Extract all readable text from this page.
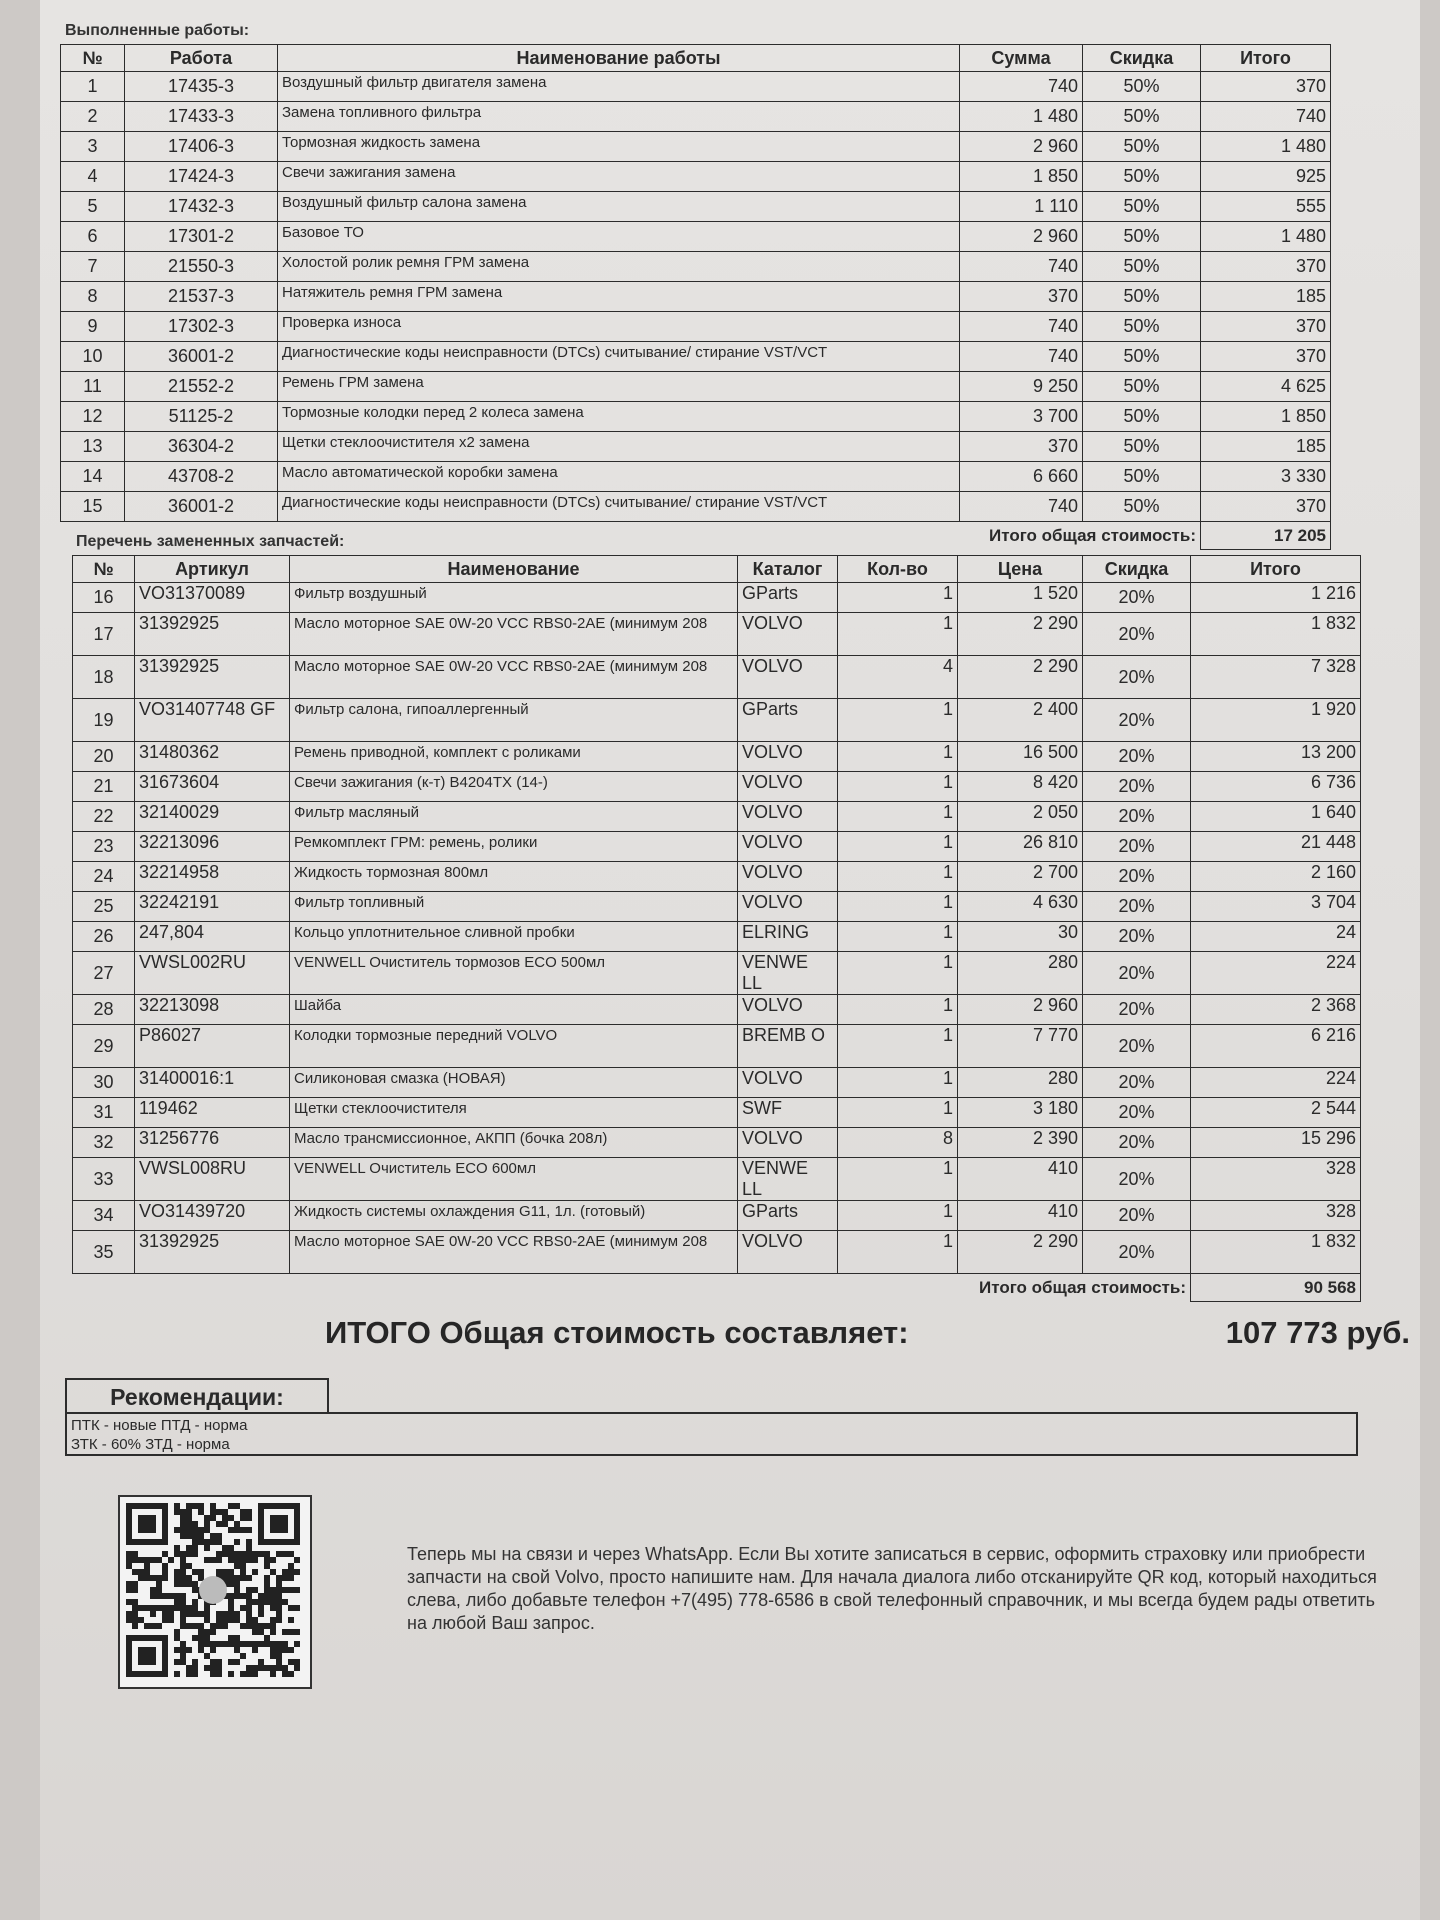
Выполненные работы:
№	Работа	Наименование работы	Сумма	Скидка	Итого
1	17435-3	Воздушный фильтр двигателя замена	740	50%	370
2	17433-3	Замена топливного фильтра	1 480	50%	740
3	17406-3	Тормозная жидкость замена	2 960	50%	1 480
4	17424-3	Свечи зажигания замена	1 850	50%	925
5	17432-3	Воздушный фильтр салона замена	1 110	50%	555
6	17301-2	Базовое ТО	2 960	50%	1 480
7	21550-3	Холостой ролик ремня ГРМ замена	740	50%	370
8	21537-3	Натяжитель ремня ГРМ замена	370	50%	185
9	17302-3	Проверка износа	740	50%	370
10	36001-2	Диагностические коды неисправности (DTCs) считывание/ стирание VST/VCT	740	50%	370
11	21552-2	Ремень ГРМ замена	9 250	50%	4 625
12	51125-2	Тормозные колодки перед 2 колеса замена	3 700	50%	1 850
13	36304-2	Щетки стеклоочистителя x2 замена	370	50%	185
14	43708-2	Масло автоматической коробки замена	6 660	50%	3 330
15	36001-2	Диагностические коды неисправности (DTCs) считывание/ стирание VST/VCT	740	50%	370
Итого общая стоимость:					17 205
Перечень замененных запчастей:
№	Артикул	Наименование	Каталог	Кол-во	Цена	Скидка	Итого
16	VO31370089	Фильтр воздушный	GParts	1	1 520	20%	1 216
17	31392925	Масло моторное SAE 0W-20 VCC RBS0-2AE (минимум 208	VOLVO	1	2 290	20%	1 832
18	31392925	Масло моторное SAE 0W-20 VCC RBS0-2AE (минимум 208	VOLVO	4	2 290	20%	7 328
19	VO31407748 GF	Фильтр салона, гипоаллергенный	GParts	1	2 400	20%	1 920
20	31480362	Ремень приводной, комплект с роликами	VOLVO	1	16 500	20%	13 200
21	31673604	Свечи зажигания (к-т) B4204TX (14-)	VOLVO	1	8 420	20%	6 736
22	32140029	Фильтр масляный	VOLVO	1	2 050	20%	1 640
23	32213096	Ремкомплект ГРМ: ремень, ролики	VOLVO	1	26 810	20%	21 448
24	32214958	Жидкость тормозная 800мл	VOLVO	1	2 700	20%	2 160
25	32242191	Фильтр топливный	VOLVO	1	4 630	20%	3 704
26	247,804	Кольцо уплотнительное сливной пробки	ELRING	1	30	20%	24
27	VWSL002RU	VENWELL Очиститель тормозов ECO 500мл	VENWE LL	1	280	20%	224
28	32213098	Шайба	VOLVO	1	2 960	20%	2 368
29	P86027	Колодки тормозные передний VOLVO	BREMB O	1	7 770	20%	6 216
30	31400016:1	Силиконовая смазка (НОВАЯ)	VOLVO	1	280	20%	224
31	119462	Щетки стеклоочистителя	SWF	1	3 180	20%	2 544
32	31256776	Масло трансмиссионное, АКПП (бочка 208л)	VOLVO	8	2 390	20%	15 296
33	VWSL008RU	VENWELL Очиститель ECO 600мл	VENWE LL	1	410	20%	328
34	VO31439720	Жидкость системы охлаждения G11, 1л. (готовый)	GParts	1	410	20%	328
35	31392925	Масло моторное SAE 0W-20 VCC RBS0-2AE (минимум 208	VOLVO	1	2 290	20%	1 832
Итого общая стоимость:							90 568
ИТОГО Общая стоимость составляет:	107 773 руб.
Рекомендации:
ПТК - новые ПТД - норма
ЗТК - 60% ЗТД - норма
Теперь мы на связи и через WhatsApp. Если Вы хотите записаться в сервис, оформить страховку или приобрести запчасти на свой Volvo, просто напишите нам. Для начала диалога либо отсканируйте QR код, который находиться слева, либо добавьте телефон +7(495) 778-6586 в свой телефонный справочник, и мы всегда будем рады ответить на любой Ваш запрос.
